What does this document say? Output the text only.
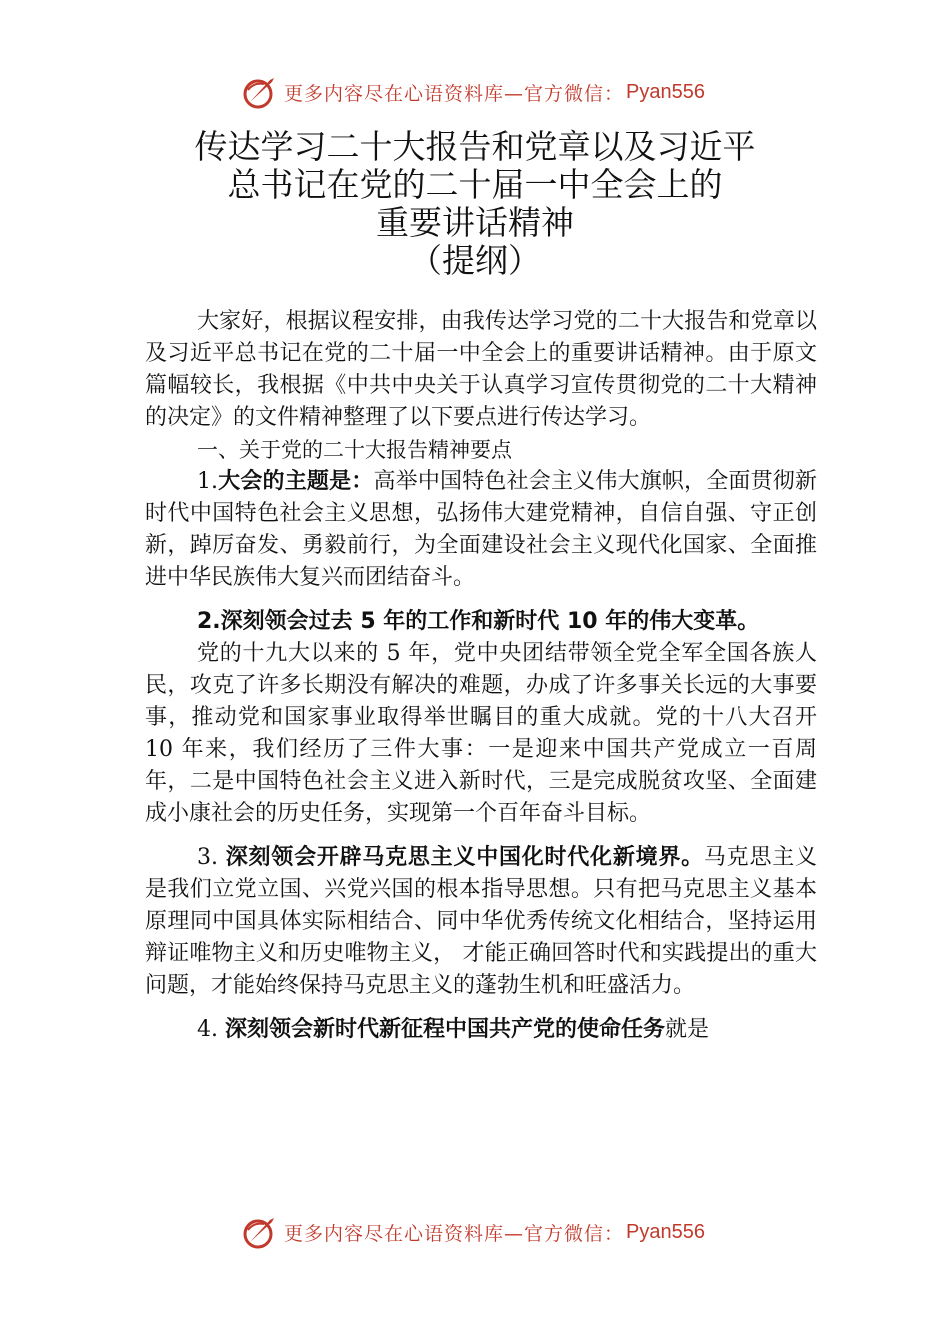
更多内容尽在心语资料库—官方微信： Pyan556
传达学习二十大报告和党章以及习近平
总书记在党的二十届一中全会上的
重要讲话精神
（提纲）

大家好，根据议程安排，由我传达学习党的二十大报告和党章以及习近平总书记在党的二十届一中全会上的重要讲话精神。由于原文篇幅较长，我根据《中共中央关于认真学习宣传贯彻党的二十大精神的决定》的文件精神整理了以下要点进行传达学习。

一、关于党的二十大报告精神要点

1.大会的主题是：高举中国特色社会主义伟大旗帜，全面贯彻新时代中国特色社会主义思想，弘扬伟大建党精神，自信自强、守正创新，踔厉奋发、勇毅前行，为全面建设社会主义现代化国家、全面推进中华民族伟大复兴而团结奋斗。

2.深刻领会过去 5 年的工作和新时代 10 年的伟大变革。

党的十九大以来的 5 年，党中央团结带领全党全军全国各族人民，攻克了许多长期没有解决的难题，办成了许多事关长远的大事要事，推动党和国家事业取得举世瞩目的重大成就。党的十八大召开 10 年来，我们经历了三件大事：一是迎来中国共产党成立一百周年，二是中国特色社会主义进入新时代，三是完成脱贫攻坚、全面建成小康社会的历史任务，实现第一个百年奋斗目标。

3. 深刻领会开辟马克思主义中国化时代化新境界。马克思主义是我们立党立国、兴党兴国的根本指导思想。只有把马克思主义基本原理同中国具体实际相结合、同中华优秀传统文化相结合，坚持运用辩证唯物主义和历史唯物主义， 才能正确回答时代和实践提出的重大问题，才能始终保持马克思主义的蓬勃生机和旺盛活力。

4. 深刻领会新时代新征程中国共产党的使命任务就是

更多内容尽在心语资料库—官方微信： Pyan556
